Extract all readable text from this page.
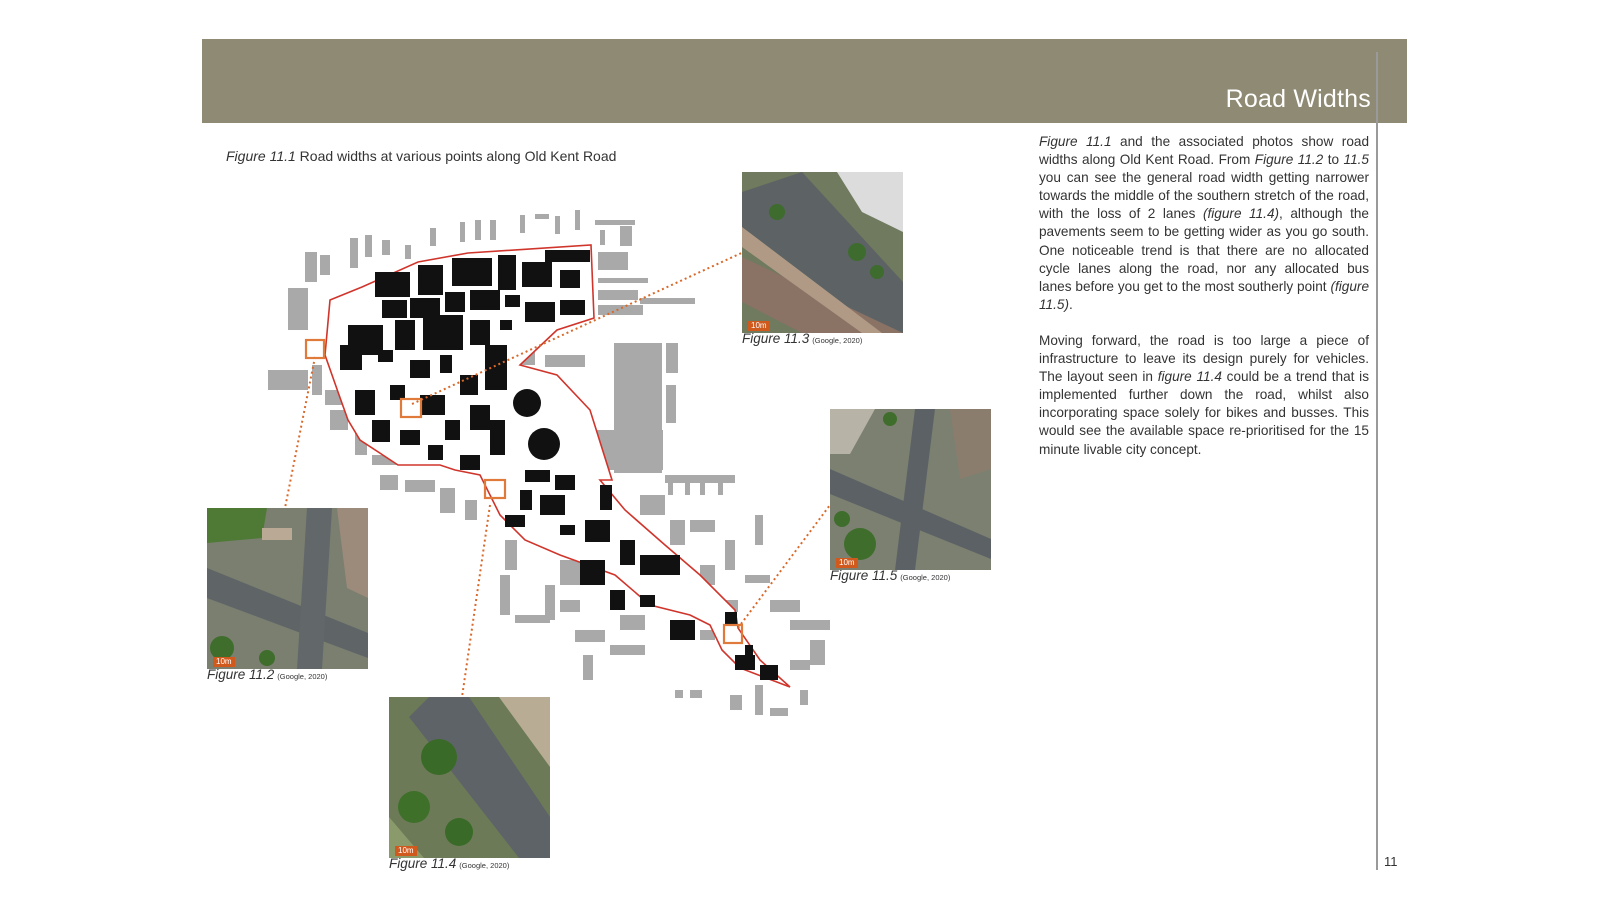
Road Widths
11
Figure 11.1 Road widths at various points along Old Kent Road

Figure 11.1 and the associated photos show road widths along Old Kent Road. From Figure 11.2 to 11.5 you can see the general road width getting narrower towards the middle of the southern stretch of the road, with the loss of 2 lanes (figure 11.4), although the pavements seem to be getting wider as you go south. One noticeable trend is that there are no allocated cycle lanes along the road, nor any allocated bus lanes before you get to the most southerly point (figure 11.5).

Moving forward, the road is too large a piece of infrastructure to leave its design purely for vehicles. The layout seen in figure 11.4 could be a trend that is implemented further down the road, whilst also incorporating space solely for bikes and busses. This would see the available space re-prioritised for the 15 minute livable city concept.

10m
Figure 11.3 (Google, 2020)
10m
Figure 11.5 (Google, 2020)
10m
Figure 11.2 (Google, 2020)
10m
Figure 11.4 (Google, 2020)
